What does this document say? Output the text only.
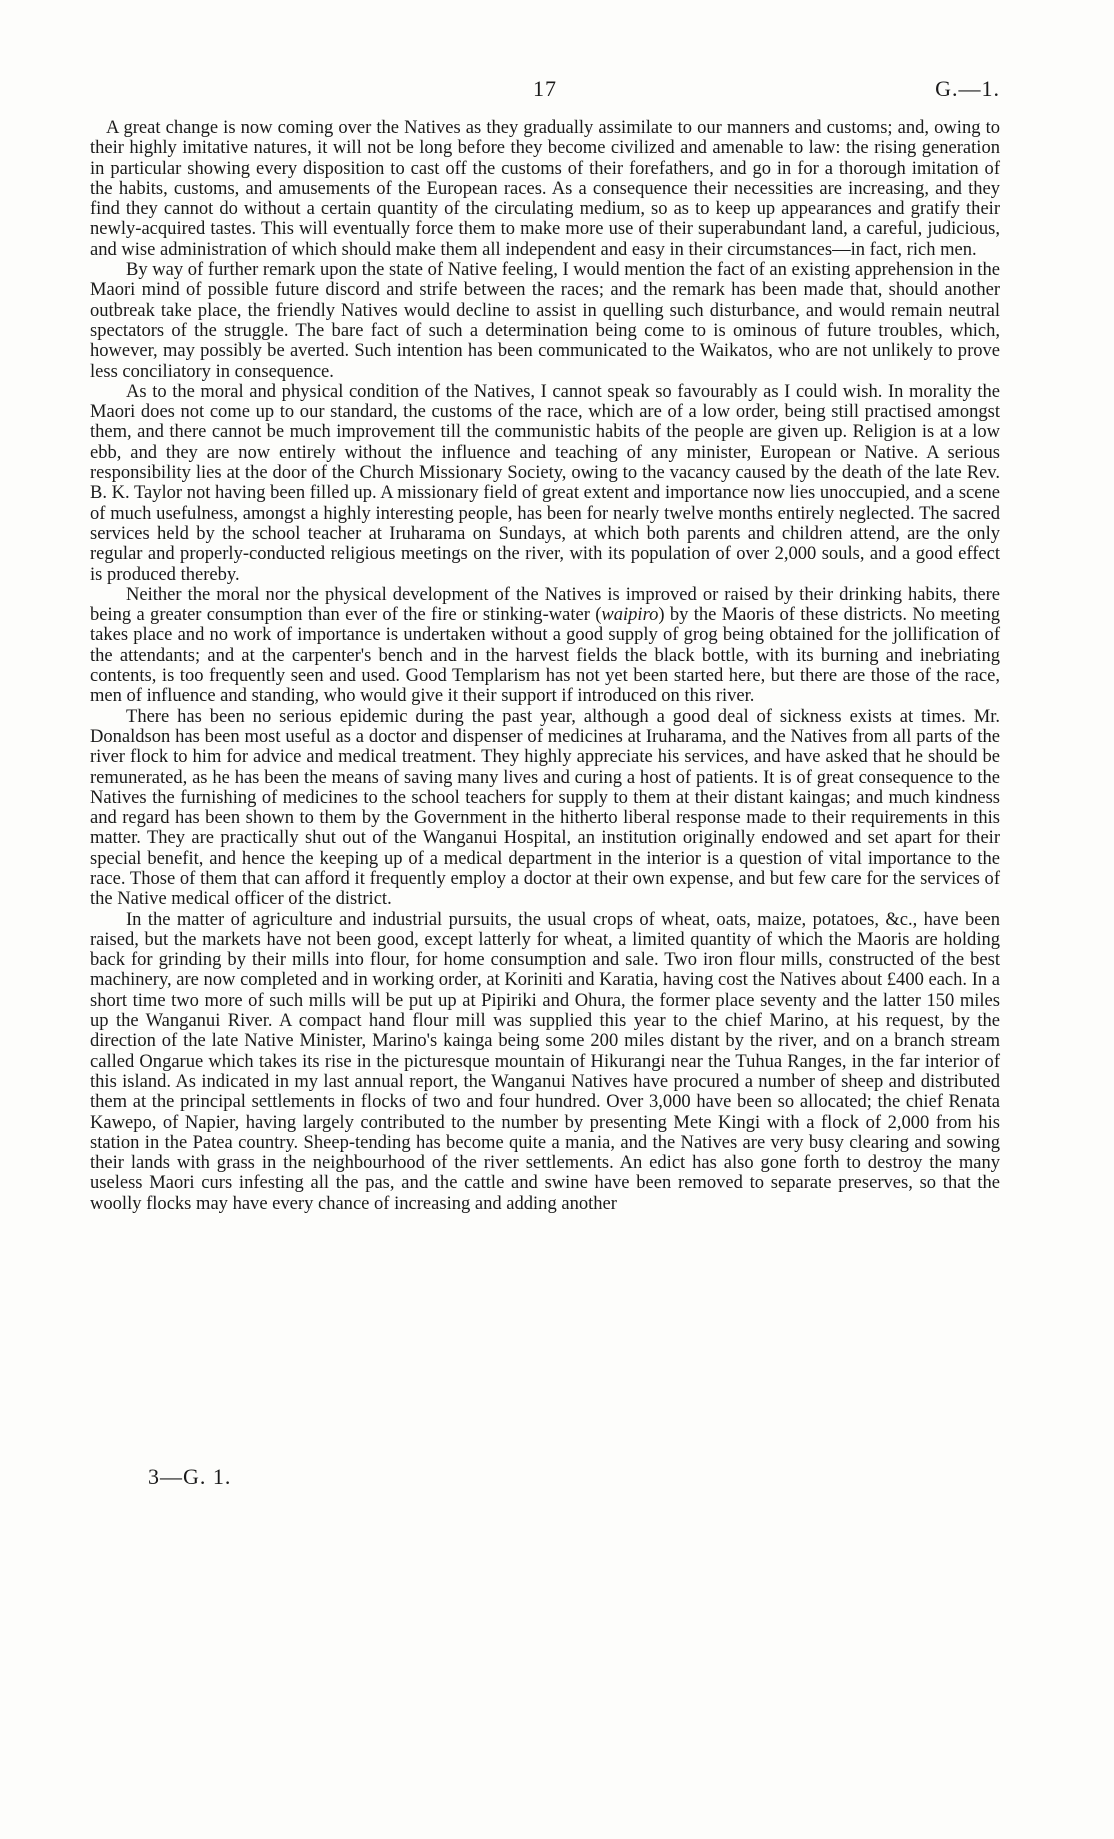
17	G.—1.

A great change is now coming over the Natives as they gradually assimilate to our manners and customs; and, owing to their highly imitative natures, it will not be long before they become civilized and amenable to law: the rising generation in particular showing every disposition to cast off the customs of their forefathers, and go in for a thorough imitation of the habits, customs, and amusements of the European races. As a consequence their necessities are increasing, and they find they cannot do without a certain quantity of the circulating medium, so as to keep up appearances and gratify their newly-acquired tastes. This will eventually force them to make more use of their superabundant land, a careful, judicious, and wise administration of which should make them all independent and easy in their circumstances—in fact, rich men.

By way of further remark upon the state of Native feeling, I would mention the fact of an existing apprehension in the Maori mind of possible future discord and strife between the races; and the remark has been made that, should another outbreak take place, the friendly Natives would decline to assist in quelling such disturbance, and would remain neutral spectators of the struggle. The bare fact of such a determination being come to is ominous of future troubles, which, however, may possibly be averted. Such intention has been communicated to the Waikatos, who are not unlikely to prove less conciliatory in consequence.

As to the moral and physical condition of the Natives, I cannot speak so favourably as I could wish. In morality the Maori does not come up to our standard, the customs of the race, which are of a low order, being still practised amongst them, and there cannot be much improvement till the communistic habits of the people are given up. Religion is at a low ebb, and they are now entirely without the influence and teaching of any minister, European or Native. A serious responsibility lies at the door of the Church Missionary Society, owing to the vacancy caused by the death of the late Rev. B. K. Taylor not having been filled up. A missionary field of great extent and importance now lies unoccupied, and a scene of much usefulness, amongst a highly interesting people, has been for nearly twelve months entirely neglected. The sacred services held by the school teacher at Iruharama on Sundays, at which both parents and children attend, are the only regular and properly-conducted religious meetings on the river, with its population of over 2,000 souls, and a good effect is produced thereby.

Neither the moral nor the physical development of the Natives is improved or raised by their drinking habits, there being a greater consumption than ever of the fire or stinking-water (waipiro) by the Maoris of these districts. No meeting takes place and no work of importance is undertaken without a good supply of grog being obtained for the jollification of the attendants; and at the carpenter's bench and in the harvest fields the black bottle, with its burning and inebriating contents, is too frequently seen and used. Good Templarism has not yet been started here, but there are those of the race, men of influence and standing, who would give it their support if introduced on this river.

There has been no serious epidemic during the past year, although a good deal of sickness exists at times. Mr. Donaldson has been most useful as a doctor and dispenser of medicines at Iruharama, and the Natives from all parts of the river flock to him for advice and medical treatment. They highly appreciate his services, and have asked that he should be remunerated, as he has been the means of saving many lives and curing a host of patients. It is of great consequence to the Natives the furnishing of medicines to the school teachers for supply to them at their distant kaingas; and much kindness and regard has been shown to them by the Government in the hitherto liberal response made to their requirements in this matter. They are practically shut out of the Wanganui Hospital, an institution originally endowed and set apart for their special benefit, and hence the keeping up of a medical department in the interior is a question of vital importance to the race. Those of them that can afford it frequently employ a doctor at their own expense, and but few care for the services of the Native medical officer of the district.

In the matter of agriculture and industrial pursuits, the usual crops of wheat, oats, maize, potatoes, &c., have been raised, but the markets have not been good, except latterly for wheat, a limited quantity of which the Maoris are holding back for grinding by their mills into flour, for home consumption and sale. Two iron flour mills, constructed of the best machinery, are now completed and in working order, at Koriniti and Karatia, having cost the Natives about £400 each. In a short time two more of such mills will be put up at Pipiriki and Ohura, the former place seventy and the latter 150 miles up the Wanganui River. A compact hand flour mill was supplied this year to the chief Marino, at his request, by the direction of the late Native Minister, Marino's kainga being some 200 miles distant by the river, and on a branch stream called Ongarue which takes its rise in the picturesque mountain of Hikurangi near the Tuhua Ranges, in the far interior of this island. As indicated in my last annual report, the Wanganui Natives have procured a number of sheep and distributed them at the principal settlements in flocks of two and four hundred. Over 3,000 have been so allocated; the chief Renata Kawepo, of Napier, having largely contributed to the number by presenting Mete Kingi with a flock of 2,000 from his station in the Patea country. Sheep-tending has become quite a mania, and the Natives are very busy clearing and sowing their lands with grass in the neighbourhood of the river settlements. An edict has also gone forth to destroy the many useless Maori curs infesting all the pas, and the cattle and swine have been removed to separate preserves, so that the woolly flocks may have every chance of increasing and adding another

3—G. 1.
